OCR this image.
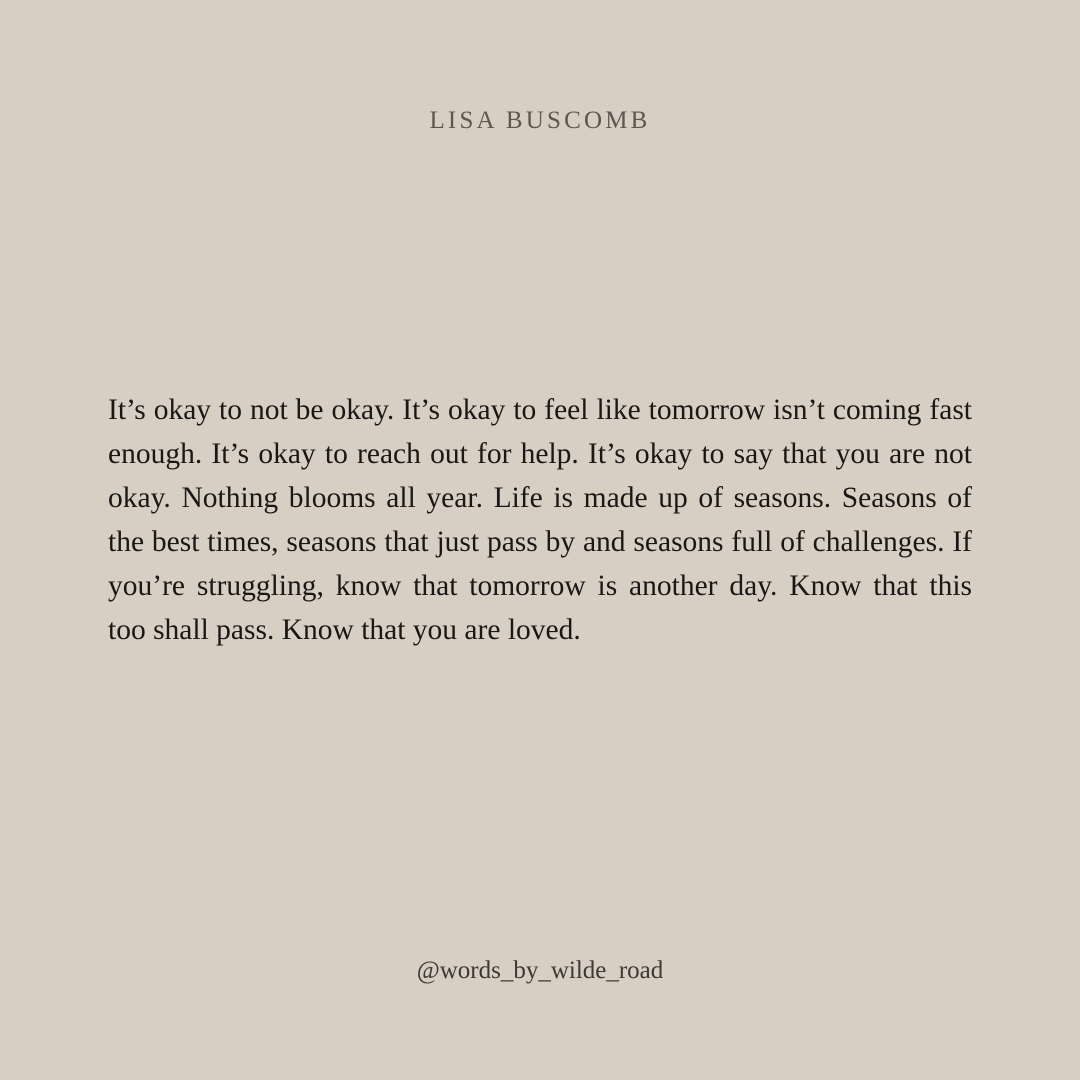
LISA BUSCOMB

It’s okay to not be okay. It’s okay to feel like tomorrow isn’t coming fast enough. It’s okay to reach out for help. It’s okay to say that you are not okay. Nothing blooms all year. Life is made up of seasons. Seasons of the best times, seasons that just pass by and seasons full of challenges. If you’re struggling, know that tomorrow is another day. Know that this too shall pass. Know that you are loved.

@words_by_wilde_road
